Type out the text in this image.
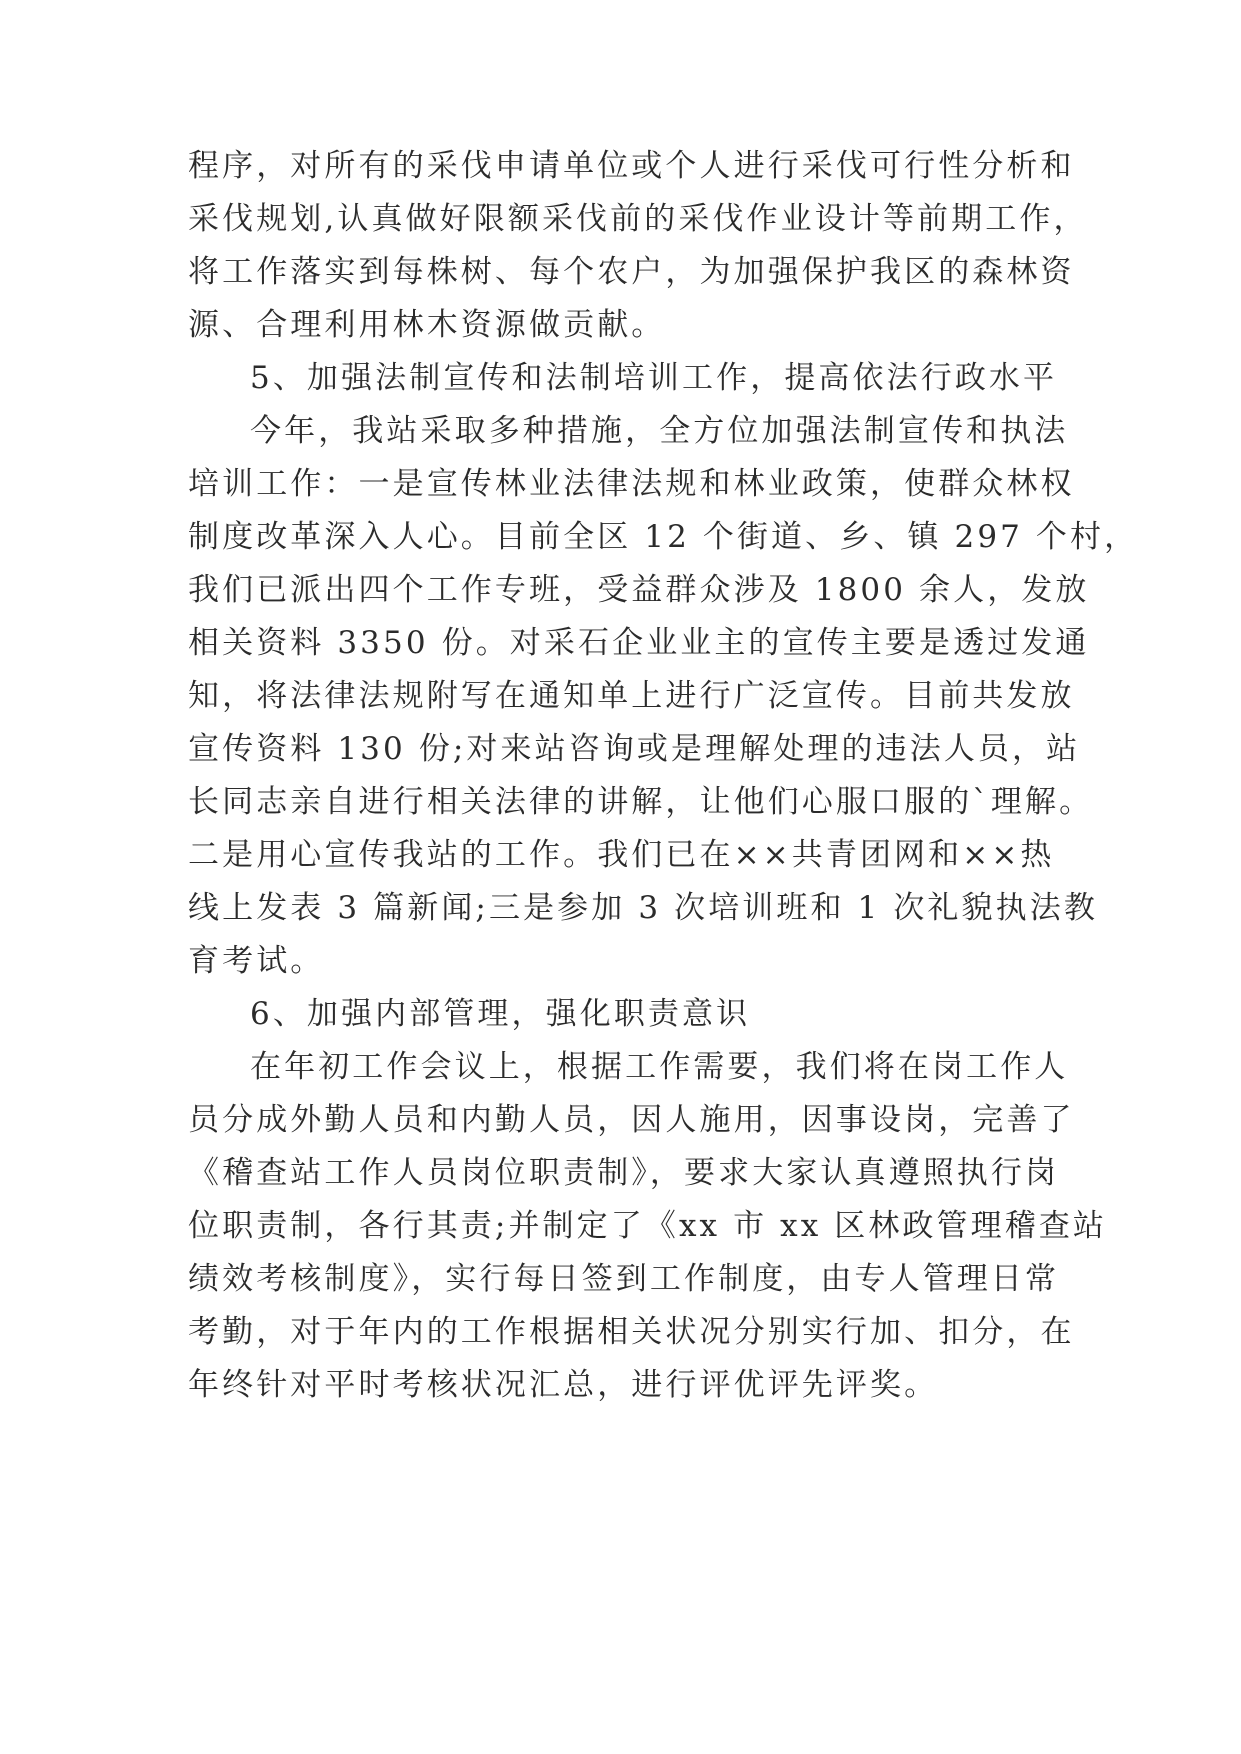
程序，对所有的采伐申请单位或个人进行采伐可行性分析和
采伐规划,认真做好限额采伐前的采伐作业设计等前期工作，
将工作落实到每株树、每个农户，为加强保护我区的森林资
源、合理利用林木资源做贡献。
5、加强法制宣传和法制培训工作，提高依法行政水平
今年，我站采取多种措施，全方位加强法制宣传和执法
培训工作：一是宣传林业法律法规和林业政策，使群众林权
制度改革深入人心。目前全区 12 个街道、乡、镇 297 个村，
我们已派出四个工作专班，受益群众涉及 1800 余人，发放
相关资料 3350 份。对采石企业业主的宣传主要是透过发通
知，将法律法规附写在通知单上进行广泛宣传。目前共发放
宣传资料 130 份;对来站咨询或是理解处理的违法人员，站
长同志亲自进行相关法律的讲解，让他们心服口服的`理解。
二是用心宣传我站的工作。我们已在××共青团网和××热
线上发表 3 篇新闻;三是参加 3 次培训班和 1 次礼貌执法教
育考试。
6、加强内部管理，强化职责意识
在年初工作会议上，根据工作需要，我们将在岗工作人
员分成外勤人员和内勤人员，因人施用，因事设岗，完善了
《稽查站工作人员岗位职责制》，要求大家认真遵照执行岗
位职责制，各行其责;并制定了《xx 市 xx 区林政管理稽查站
绩效考核制度》，实行每日签到工作制度，由专人管理日常
考勤，对于年内的工作根据相关状况分别实行加、扣分，在
年终针对平时考核状况汇总，进行评优评先评奖。
